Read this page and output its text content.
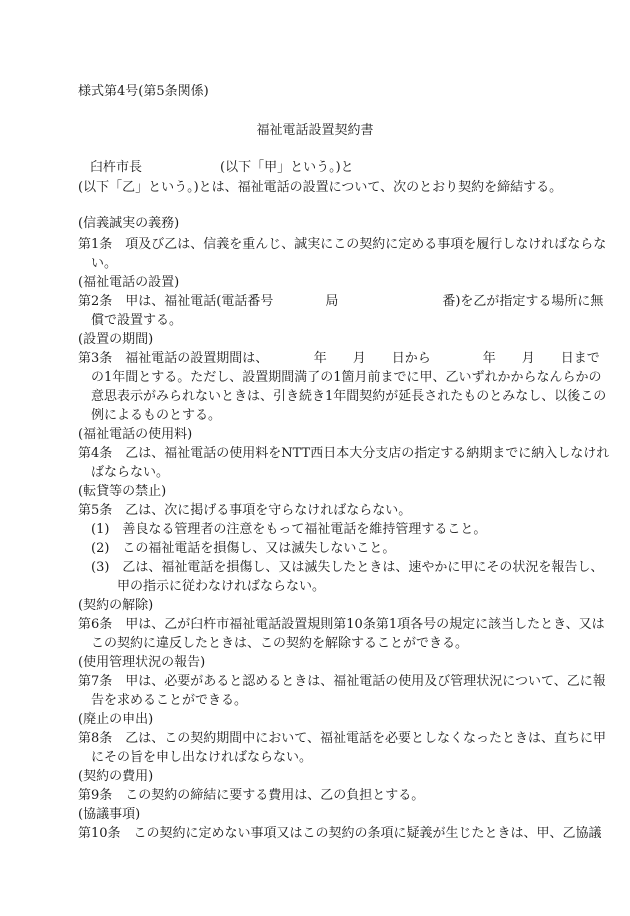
様式第4号(第5条関係)
福祉電話設置契約書
臼杵市長　　　　　　(以下「甲」という。)と
(以下「乙」という。)とは、福祉電話の設置について、次のとおり契約を締結する。
(信義誠実の義務)
第1条　項及び乙は、信義を重んじ、誠実にこの契約に定める事項を履行しなければならな
い。
(福祉電話の設置)
第2条　甲は、福祉電話(電話番号　　　　局　　　　　　　　番)を乙が指定する場所に無
償で設置する。
(設置の期間)
第3条　福祉電話の設置期間は、　　　　年　　月　　日から　　　　年　　月　　日まで
の1年間とする。ただし、設置期間満了の1箇月前までに甲、乙いずれかからなんらかの
意思表示がみられないときは、引き続き1年間契約が延長されたものとみなし、以後この
例によるものとする。
(福祉電話の使用料)
第4条　乙は、福祉電話の使用料をNTT西日本大分支店の指定する納期までに納入しなけれ
ばならない。
(転貸等の禁止)
第5条　乙は、次に掲げる事項を守らなければならない。
(1)　善良なる管理者の注意をもって福祉電話を維持管理すること。
(2)　この福祉電話を損傷し、又は滅失しないこと。
(3)　乙は、福祉電話を損傷し、又は滅失したときは、速やかに甲にその状況を報告し、
甲の指示に従わなければならない。
(契約の解除)
第6条　甲は、乙が臼杵市福祉電話設置規則第10条第1項各号の規定に該当したとき、又は
この契約に違反したときは、この契約を解除することができる。
(使用管理状況の報告)
第7条　甲は、必要があると認めるときは、福祉電話の使用及び管理状況について、乙に報
告を求めることができる。
(廃止の申出)
第8条　乙は、この契約期間中において、福祉電話を必要としなくなったときは、直ちに甲
にその旨を申し出なければならない。
(契約の費用)
第9条　この契約の締結に要する費用は、乙の負担とする。
(協議事項)
第10条　この契約に定めない事項又はこの契約の条項に疑義が生じたときは、甲、乙協議
